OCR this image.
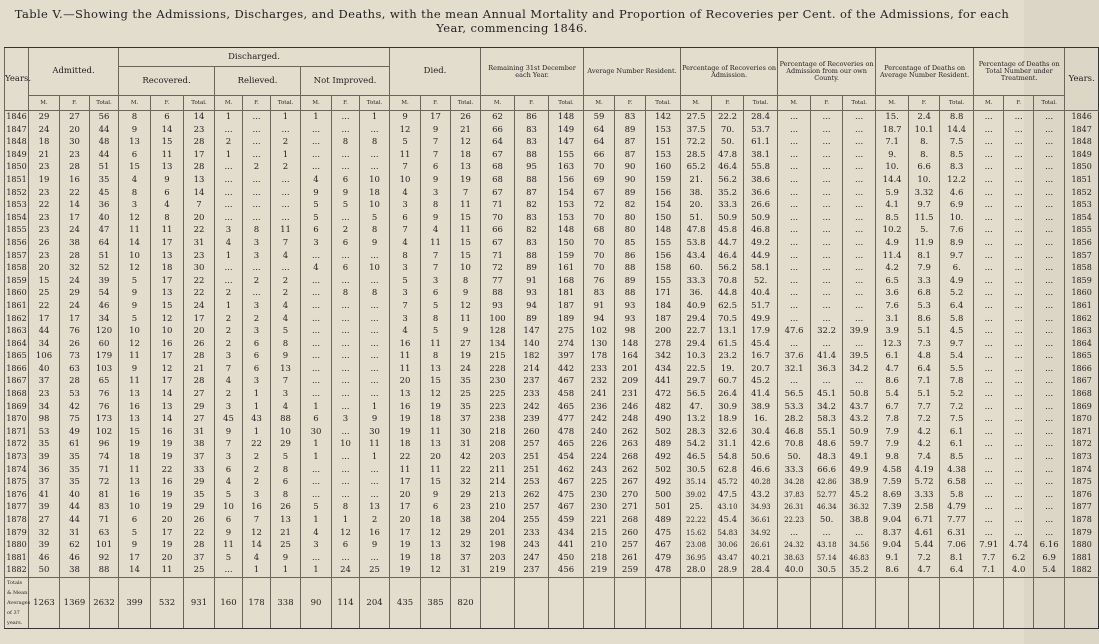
Table V.—Showing the Admissions, Discharges, and Deaths, with the mean Annual Mortality and Proportion of Recoveries per Cent. of the Admissions, for each Year, commencing 1846.
Years.	Admitted.			Discharged.									Died.			Remaining 31st December each Year.			Average Number Resident.			Percentage of Recoveries on Admission.			Percentage of Recoveries on Admission from our own County.			Percentage of Deaths on Average Number Resident.			Percentage of Deaths on Total Number under Treatment.			Years.
				Recovered.			Relieved.			Not Improved.																								
	M.	F.	Total.	M.	F.	Total.	M.	F.	Total.	M.	F.	Total.	M.	F.	Total.	M.	F.	Total.	M.	F.	Total.	M.	F.	Total.	M.	F.	Total.	M.	F.	Total.	M.	F.	Total.	
1846	29	27	56	8	6	14	1	...	1	1	...	1	9	17	26	62	86	148	59	83	142	27.5	22.2	28.4	...	...	...	15.	2.4	8.8	...	...	...	1846
1847	24	20	44	9	14	23	...	...	...	...	...	...	12	9	21	66	83	149	64	89	153	37.5	70.	53.7	...	...	...	18.7	10.1	14.4	...	...	...	1847
1848	18	30	48	13	15	28	2	...	2	...	8	8	5	7	12	64	83	147	64	87	151	72.2	50.	61.1	...	...	...	7.1	8.	7.5	...	...	...	1848
1849	21	23	44	6	11	17	1	...	1	...	...	...	11	7	18	67	88	155	66	87	153	28.5	47.8	38.1	...	...	...	9.	8.	8.5	...	...	...	1849
1850	23	28	51	15	13	28	...	2	2	...	...	...	7	6	13	68	95	163	70	90	160	65.2	46.4	55.8	...	...	...	10.	6.6	8.3	...	...	...	1850
1851	19	16	35	4	9	13	...	...	...	4	6	10	10	9	19	68	88	156	69	90	159	21.	56.2	38.6	...	...	...	14.4	10.	12.2	...	...	...	1851
1852	23	22	45	8	6	14	...	...	...	9	9	18	4	3	7	67	87	154	67	89	156	38.	35.2	36.6	...	...	...	5.9	3.32	4.6	...	...	...	1852
1853	22	14	36	3	4	7	...	...	...	5	5	10	3	8	11	71	82	153	72	82	154	20.	33.3	26.6	...	...	...	4.1	9.7	6.9	...	...	...	1853
1854	23	17	40	12	8	20	...	...	...	5	...	5	6	9	15	70	83	153	70	80	150	51.	50.9	50.9	...	...	...	8.5	11.5	10.	...	...	...	1854
1855	23	24	47	11	11	22	3	8	11	6	2	8	7	4	11	66	82	148	68	80	148	47.8	45.8	46.8	...	...	...	10.2	5.	7.6	...	...	...	1855
1856	26	38	64	14	17	31	4	3	7	3	6	9	4	11	15	67	83	150	70	85	155	53.8	44.7	49.2	...	...	...	4.9	11.9	8.9	...	...	...	1856
1857	23	28	51	10	13	23	1	3	4	...	...	...	8	7	15	71	88	159	70	86	156	43.4	46.4	44.9	...	...	...	11.4	8.1	9.7	...	...	...	1857
1858	20	32	52	12	18	30	...	...	...	4	6	10	3	7	10	72	89	161	70	88	158	60.	56.2	58.1	...	...	...	4.2	7.9	6.	...	...	...	1858
1859	15	24	39	5	17	22	...	2	2	...	...	...	5	3	8	77	91	168	76	89	155	33.3	70.8	52.	...	...	...	6.5	3.3	4.9	...	...	...	1859
1860	25	29	54	9	13	22	2	...	2	...	8	8	3	6	9	88	93	181	83	88	171	36.	44.8	40.4	...	...	...	3.6	6.8	5.2	...	...	...	1860
1861	22	24	46	9	15	24	1	3	4	...	...	...	7	5	12	93	94	187	91	93	184	40.9	62.5	51.7	...	...	...	7.6	5.3	6.4	...	...	...	1861
1862	17	17	34	5	12	17	2	2	4	...	...	...	3	8	11	100	89	189	94	93	187	29.4	70.5	49.9	...	...	...	3.1	8.6	5.8	...	...	...	1862
1863	44	76	120	10	10	20	2	3	5	...	...	...	4	5	9	128	147	275	102	98	200	22.7	13.1	17.9	47.6	32.2	39.9	3.9	5.1	4.5	...	...	...	1863
1864	34	26	60	12	16	26	2	6	8	...	...	...	16	11	27	134	140	274	130	148	278	29.4	61.5	45.4	...	...	...	12.3	7.3	9.7	...	...	...	1864
1865	106	73	179	11	17	28	3	6	9	...	...	...	11	8	19	215	182	397	178	164	342	10.3	23.2	16.7	37.6	41.4	39.5	6.1	4.8	5.4	...	...	...	1865
1866	40	63	103	9	12	21	7	6	13	...	...	...	11	13	24	228	214	442	233	201	434	22.5	19.	20.7	32.1	36.3	34.2	4.7	6.4	5.5	...	...	...	1866
1867	37	28	65	11	17	28	4	3	7	...	...	...	20	15	35	230	237	467	232	209	441	29.7	60.7	45.2	...	...	...	8.6	7.1	7.8	...	...	...	1867
1868	23	53	76	13	14	27	2	1	3	...	...	...	13	12	25	225	233	458	241	231	472	56.5	26.4	41.4	56.5	45.1	50.8	5.4	5.1	5.2	...	...	...	1868
1869	34	42	76	16	13	29	3	1	4	1	...	1	16	19	35	223	242	465	236	246	482	47.	30.9	38.9	53.3	34.2	43.7	6.7	7.7	7.2	...	...	...	1869
1870	98	75	173	13	14	27	45	43	88	6	3	9	19	18	37	238	239	477	242	248	490	13.2	18.9	16.	28.2	58.3	43.2	7.8	7.2	7.5	...	...	...	1870
1871	53	49	102	15	16	31	9	1	10	30	...	30	19	11	30	218	260	478	240	262	502	28.3	32.6	30.4	46.8	55.1	50.9	7.9	4.2	6.1	...	...	...	1871
1872	35	61	96	19	19	38	7	22	29	1	10	11	18	13	31	208	257	465	226	263	489	54.2	31.1	42.6	70.8	48.6	59.7	7.9	4.2	6.1	...	...	...	1872
1873	39	35	74	18	19	37	3	2	5	1	...	1	22	20	42	203	251	454	224	268	492	46.5	54.8	50.6	50.	48.3	49.1	9.8	7.4	8.5	...	...	...	1873
1874	36	35	71	11	22	33	6	2	8	...	...	...	11	11	22	211	251	462	243	262	502	30.5	62.8	46.6	33.3	66.6	49.9	4.58	4.19	4.38	...	...	...	1874
1875	37	35	72	13	16	29	4	2	6	...	...	...	17	15	32	214	253	467	225	267	492	35.14	45.72	40.28	34.28	42.86	38.9	7.59	5.72	6.58	...	...	...	1875
1876	41	40	81	16	19	35	5	3	8	...	...	...	20	9	29	213	262	475	230	270	500	39.02	47.5	43.2	37.83	52.77	45.2	8.69	3.33	5.8	...	...	...	1876
1877	39	44	83	10	19	29	10	16	26	5	8	13	17	6	23	210	257	467	230	271	501	25.	43.10	34.93	26.31	46.34	36.32	7.39	2.58	4.79	...	...	...	1877
1878	27	44	71	6	20	26	6	7	13	1	1	2	20	18	38	204	255	459	221	268	489	22.22	45.4	36.61	22.23	50.	38.8	9.04	6.71	7.77	...	...	...	1878
1879	32	31	63	5	17	22	9	12	21	4	12	16	17	12	29	201	233	434	215	260	475	15.62	54.83	34.92	...	...	...	8.37	4.61	6.31	...	...	...	1879
1880	39	62	101	9	19	28	11	14	25	3	6	9	19	13	32	198	243	441	210	257	467	23.08	30.06	26.61	24.32	43.18	34.56	9.04	5.44	7.06	7.91	4.74	6.16	1880
1881	46	46	92	17	20	37	5	4	9	...	...	...	19	18	37	203	247	450	218	261	479	36.95	43.47	40.21	38.63	57.14	46.83	9.1	7.2	8.1	7.7	6.2	6.9	1881
1882	50	38	88	14	11	25	...	1	1	1	24	25	19	12	31	219	237	456	219	259	478	28.0	28.9	28.4	40.0	30.5	35.2	8.6	4.7	6.4	7.1	4.0	5.4	1882
Totals & Mean Averages of 37 years.	1263	1369	2632	399	532	931	160	178	338	90	114	204	435	385	820																			
